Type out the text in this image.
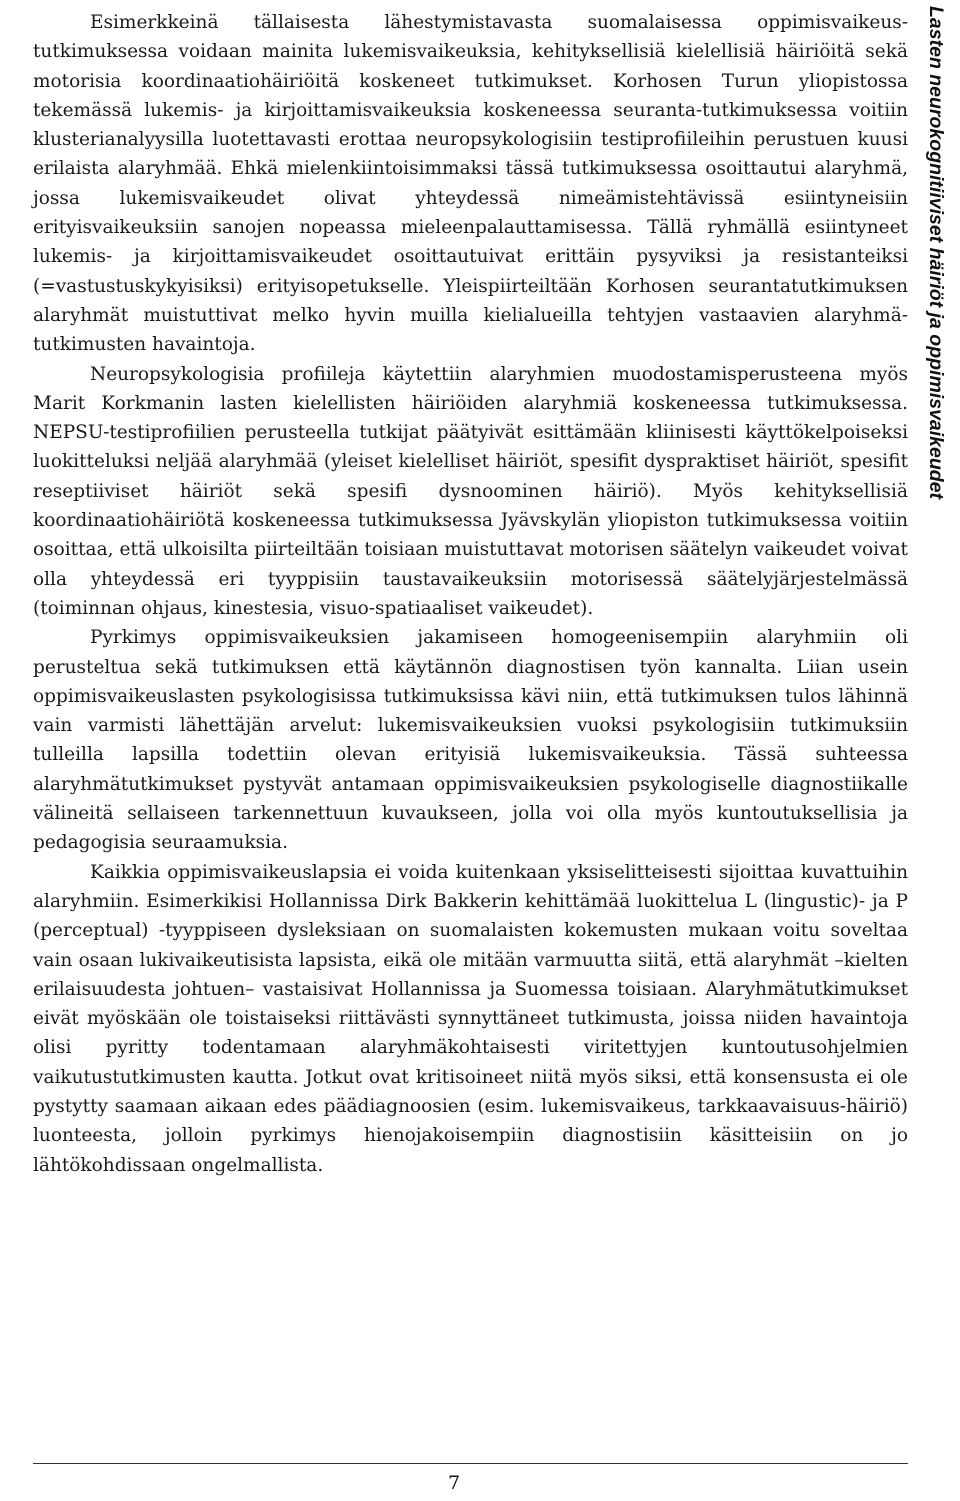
Esimerkkeinä tällaisesta lähestymistavasta suomalaisessa oppimisvaikeustutkimuksessa voidaan mainita lukemisvaikeuksia, kehityksellisiä kielellisiä häiriöitä sekä motorisia koordinaatiohäiriöitä koskeneet tutkimukset. Korhosen Turun yliopistossa tekemässä lukemis- ja kirjoittamisvaikeuksia koskeneessa seuranta-tutkimuksessa voitiin klusterianalyysilla luotettavasti erottaa neuropsykologisiin testiprofiileihin perustuen kuusi erilaista alaryhmää. Ehkä mielenkiintoisimmaksi tässä tutkimuksessa osoittautui alaryhmä, jossa lukemisvaikeudet olivat yhteydessä nimeämistehtävissä esiintyneisiin erityisvaikeuksiin sanojen nopeassa mieleenpalauttamisessa. Tällä ryhmällä esiintyneet lukemis- ja kirjoittamisvaikeudet osoittautuivat erittäin pysyviksi ja resistanteiksi (=vastustuskykyisiksi) erityisopetukselle. Yleispiirteiltään Korhosen seurantatutkimuksen alaryhmät muistuttivat melko hyvin muilla kielialueilla tehtyjen vastaavien alaryhmä-tutkimusten havaintoja.

Neuropsykologisia profiileja käytettiin alaryhmien muodostamisperusteena myös Marit Korkmanin lasten kielellisten häiriöiden alaryhmiä koskeneessa tutkimuksessa. NEPSU-testiprofiilien perusteella tutkijat päätyivät esittämään kliinisesti käyttökelpoiseksi luokitteluksi neljää alaryhmää (yleiset kielelliset häiriöt, spesifit dyspraktiset häiriöt, spesifit reseptiiviset häiriöt sekä spesifi dysnoominen häiriö). Myös kehityksellisiä koordinaatiohäiriötä koskeneessa tutkimuksessa Jyävskylän yliopiston tutkimuksessa voitiin osoittaa, että ulkoisilta piirteiltään toisiaan muistuttavat motorisen säätelyn vaikeudet voivat olla yhteydessä eri tyyppisiin taustavaikeuksiin motorisessä säätelyjärjestelmässä (toiminnan ohjaus, kinestesia, visuo-spatiaaliset vaikeudet).

Pyrkimys oppimisvaikeuksien jakamiseen homogeenisempiin alaryhmiin oli perusteltua sekä tutkimuksen että käytännön diagnostisen työn kannalta. Liian usein oppimisvaikeuslasten psykologisissa tutkimuksissa kävi niin, että tutkimuksen tulos lähinnä vain varmisti lähettäjän arvelut: lukemisvaikeuksien vuoksi psykologisiin tutkimuksiin tulleilla lapsilla todettiin olevan erityisiä lukemisvaikeuksia. Tässä suhteessa alaryhmätutkimukset pystyvät antamaan oppimisvaikeuksien psykologiselle diagnostiikalle välineitä sellaiseen tarkennettuun kuvaukseen, jolla voi olla myös kuntoutuksellisia ja pedagogisia seuraamuksia.

Kaikkia oppimisvaikeuslapsia ei voida kuitenkaan yksiselitteisesti sijoittaa kuvattuihin alaryhmiin. Esimerkikisi Hollannissa Dirk Bakkerin kehittämää luokittelua L (lingustic)- ja P (perceptual) -tyyppiseen dysleksiaan on suomalaisten kokemusten mukaan voitu soveltaa vain osaan lukivaikeutisista lapsista, eikä ole mitään varmuutta siitä, että alaryhmät –kielten erilaisuudesta johtuen– vastaisivat Hollannissa ja Suomessa toisiaan. Alaryhmätutkimukset eivät myöskään ole toistaiseksi riittävästi synnyttäneet tutkimusta, joissa niiden havaintoja olisi pyritty todentamaan alaryhmäkohtaisesti viritettyjen kuntoutusohjelmien vaikutustutkimusten kautta. Jotkut ovat kritisoineet niitä myös siksi, että konsensusta ei ole pystytty saamaan aikaan edes päädiagnoosien (esim. lukemisvaikeus, tarkkaavaisuus-häiriö) luonteesta, jolloin pyrkimys hienojakoisempiin diagnostisiin käsitteisiin on jo lähtökohdissaan ongelmallista.

Lasten neurokognitiiviset häiriöt ja oppimisvaikeudet
7
